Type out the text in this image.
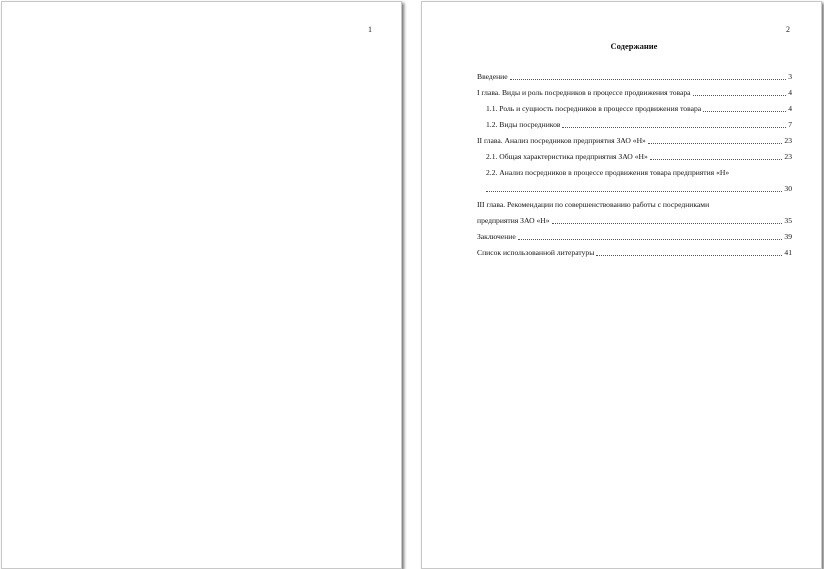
1	2
Содержание
Введение	3
I глава. Виды и роль посредников в процессе продвижения товара	4
1.1. Роль и сущность посредников в процессе продвижения товара	4
1.2. Виды посредников	7
II глава. Анализ посредников предприятия ЗАО «Н»	23
2.1. Общая характеристика предприятия ЗАО «Н»	23
2.2. Анализ посредников в процессе продвижения товара предприятия «Н»
30
III глава. Рекомендации по совершенствованию работы с посредниками
предприятия ЗАО «Н»	35
Заключение	39
Список использованной литературы	41
